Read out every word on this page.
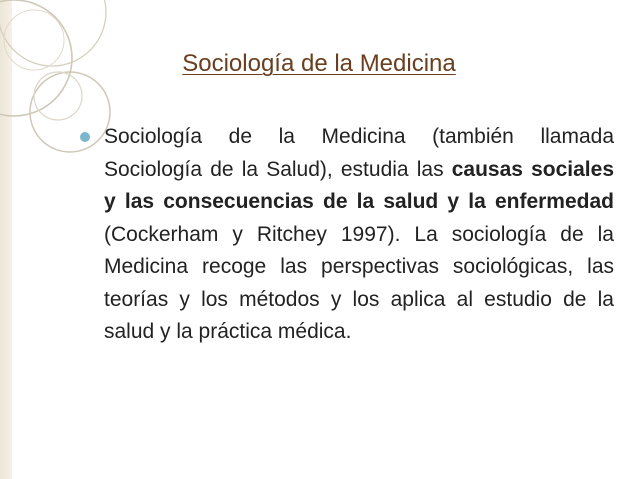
Sociología de la Medicina

Sociología de la Medicina (también llamada Sociología de la Salud), estudia las causas sociales y las consecuencias de la salud y la enfermedad (Cockerham y Ritchey 1997). La sociología de la Medicina recoge las perspectivas sociológicas, las teorías y los métodos y los aplica al estudio de la salud y la práctica médica.
